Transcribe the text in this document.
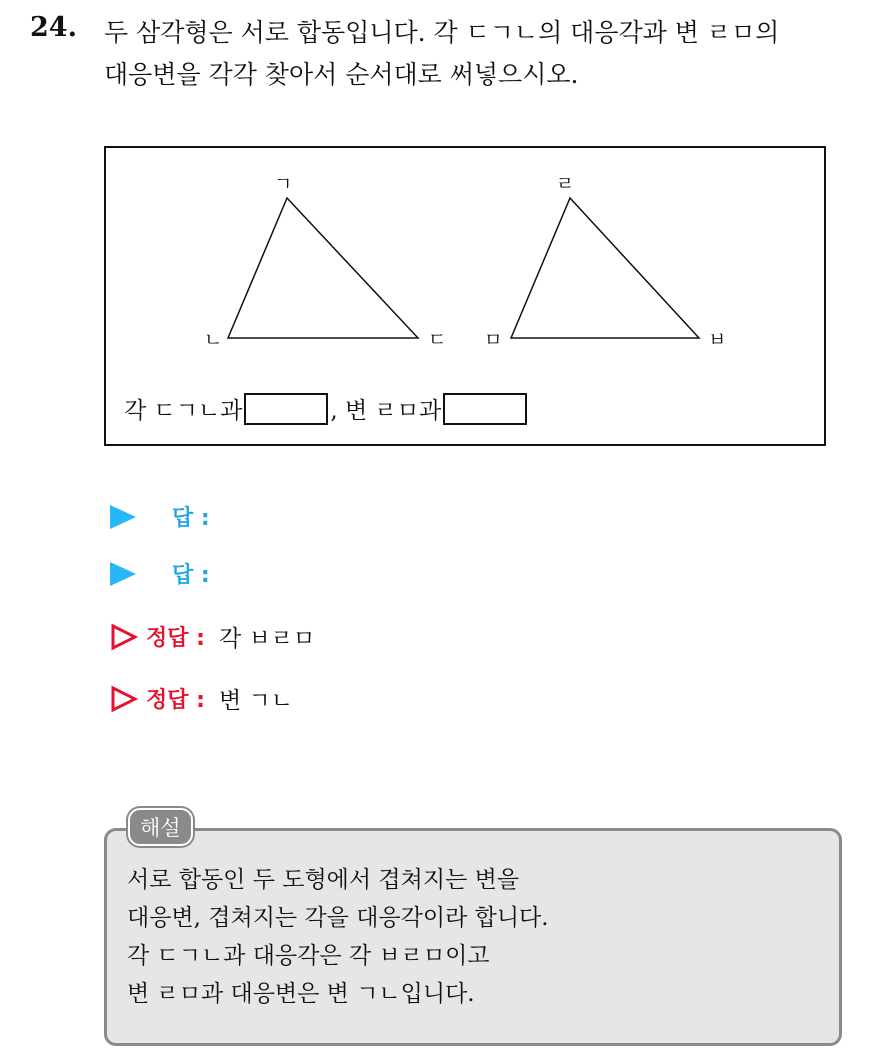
24. 두 삼각형은 서로 합동입니다. 각 ㄷㄱㄴ의 대응각과 변 ㄹㅁ의
대응변을 각각 찾아서 순서대로 써넣으시오.
ㄱ
ㄴ	ㄷ
ㄹ
ㅁ	ㅂ
각 ㄷㄱㄴ과	, 변 ㄹㅁ과
답 :
답 :
정답 : 각 ㅂㄹㅁ
정답 : 변 ㄱㄴ
서로 합동인 두 도형에서 겹쳐지는 변을
대응변, 겹쳐지는 각을 대응각이라 합니다.
각 ㄷㄱㄴ과 대응각은 각 ㅂㄹㅁ이고
변 ㄹㅁ과 대응변은 변 ㄱㄴ입니다.
해설
